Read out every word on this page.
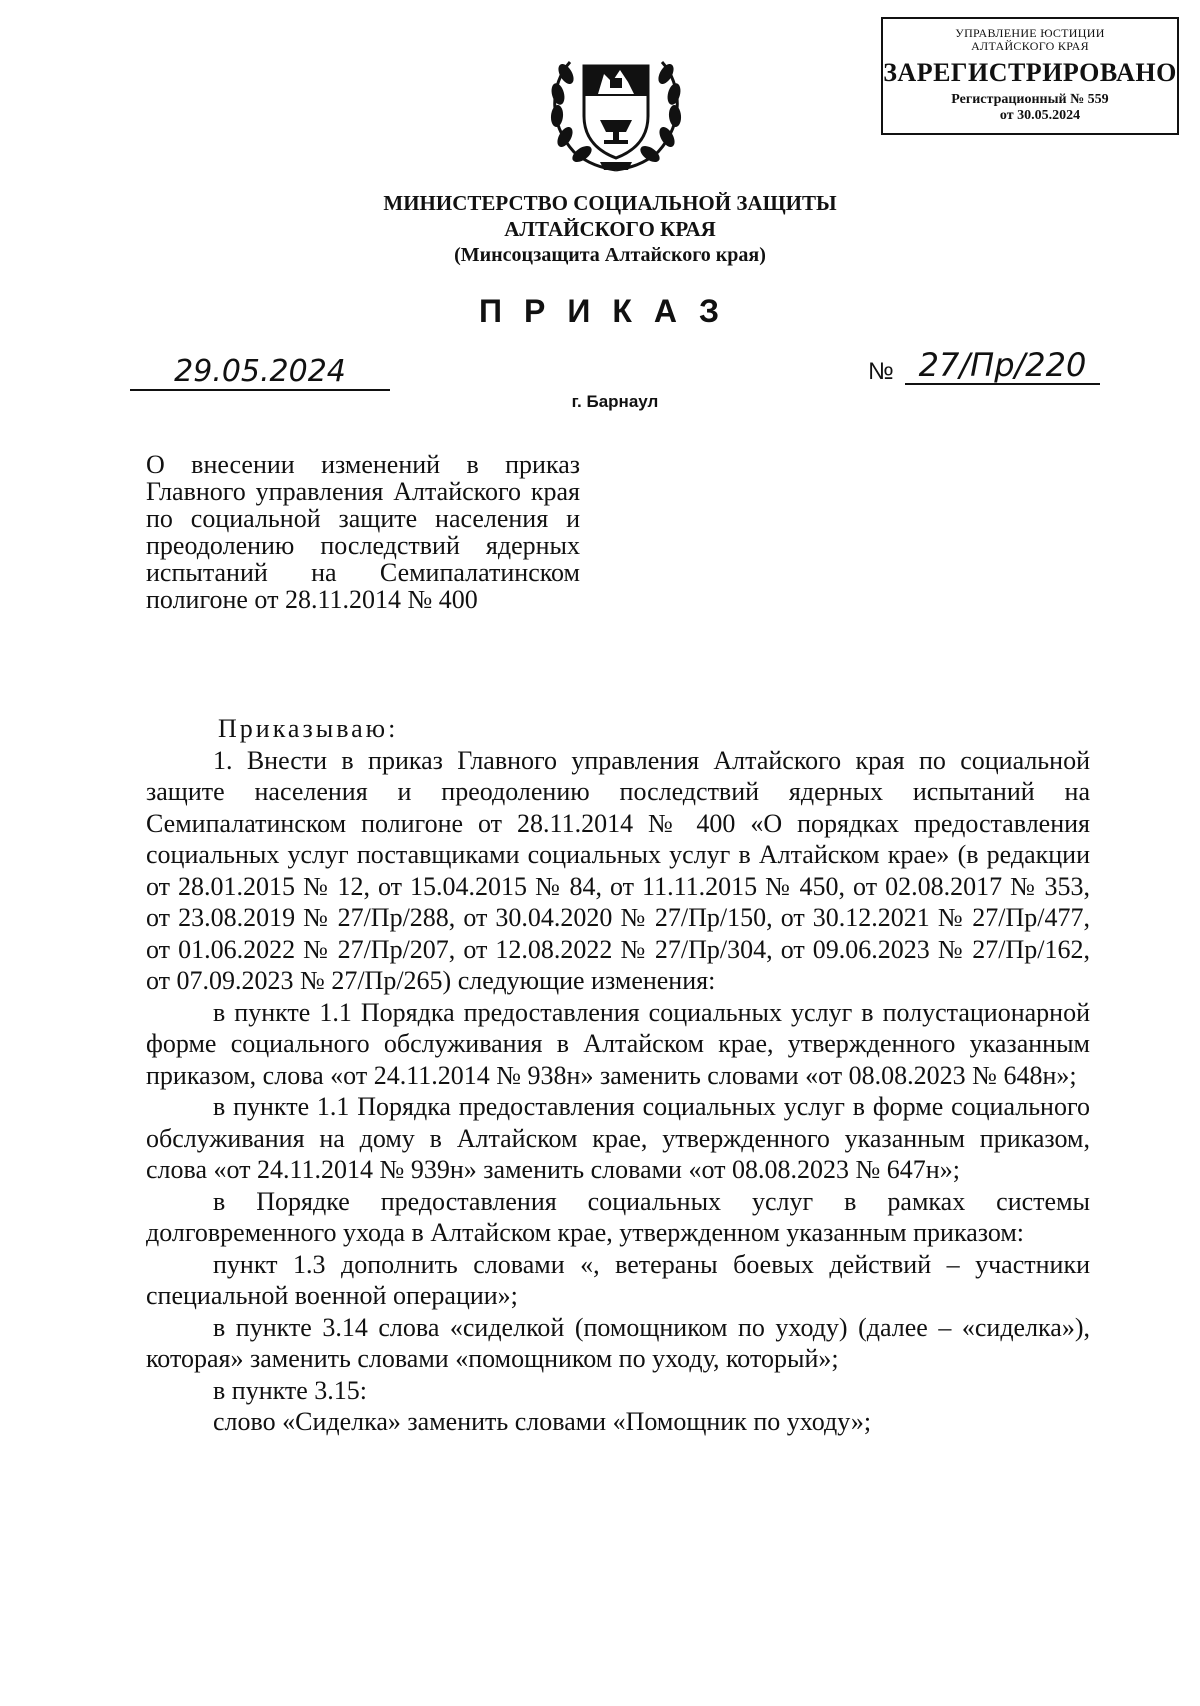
УПРАВЛЕНИЕ ЮСТИЦИИ
АЛТАЙСКОГО КРАЯ
ЗАРЕГИСТРИРОВАНО
Регистрационный № 559
от 30.05.2024
МИНИСТЕРСТВО СОЦИАЛЬНОЙ ЗАЩИТЫ
АЛТАЙСКОГО КРАЯ
(Минсоцзащита Алтайского края)
ПРИКАЗ
29.05.2024	№ 27/Пр/220
г. Барнаул
О внесении изменений в приказ Главного управления Алтайского края по социальной защите населения и преодолению последствий ядерных испытаний на Семипалатинском полигоне от 28.11.2014 № 400

Приказываю:

1. Внести в приказ Главного управления Алтайского края по социальной защите населения и преодолению последствий ядерных испытаний на Семипалатинском полигоне от 28.11.2014 № 400 «О порядках предоставления социальных услуг поставщиками социальных услуг в Алтайском крае» (в редакции от 28.01.2015 № 12, от 15.04.2015 № 84, от 11.11.2015 № 450, от 02.08.2017 № 353, от 23.08.2019 № 27/Пр/288, от 30.04.2020 № 27/Пр/150, от 30.12.2021 № 27/Пр/477, от 01.06.2022 № 27/Пр/207, от 12.08.2022 № 27/Пр/304, от 09.06.2023 № 27/Пр/162, от 07.09.2023 № 27/Пр/265) следующие изменения:

в пункте 1.1 Порядка предоставления социальных услуг в полустационарной форме социального обслуживания в Алтайском крае, утвержденного указанным приказом, слова «от 24.11.2014 № 938н» заменить словами «от 08.08.2023 № 648н»;

в пункте 1.1 Порядка предоставления социальных услуг в форме социального обслуживания на дому в Алтайском крае, утвержденного указанным приказом, слова «от 24.11.2014 № 939н» заменить словами «от 08.08.2023 № 647н»;

в Порядке предоставления социальных услуг в рамках системы долговременного ухода в Алтайском крае, утвержденном указанным приказом:

пункт 1.3 дополнить словами «, ветераны боевых действий – участники специальной военной операции»;

в пункте 3.14 слова «сиделкой (помощником по уходу) (далее – «сиделка»), которая» заменить словами «помощником по уходу, который»;

в пункте 3.15:

слово «Сиделка» заменить словами «Помощник по уходу»;
